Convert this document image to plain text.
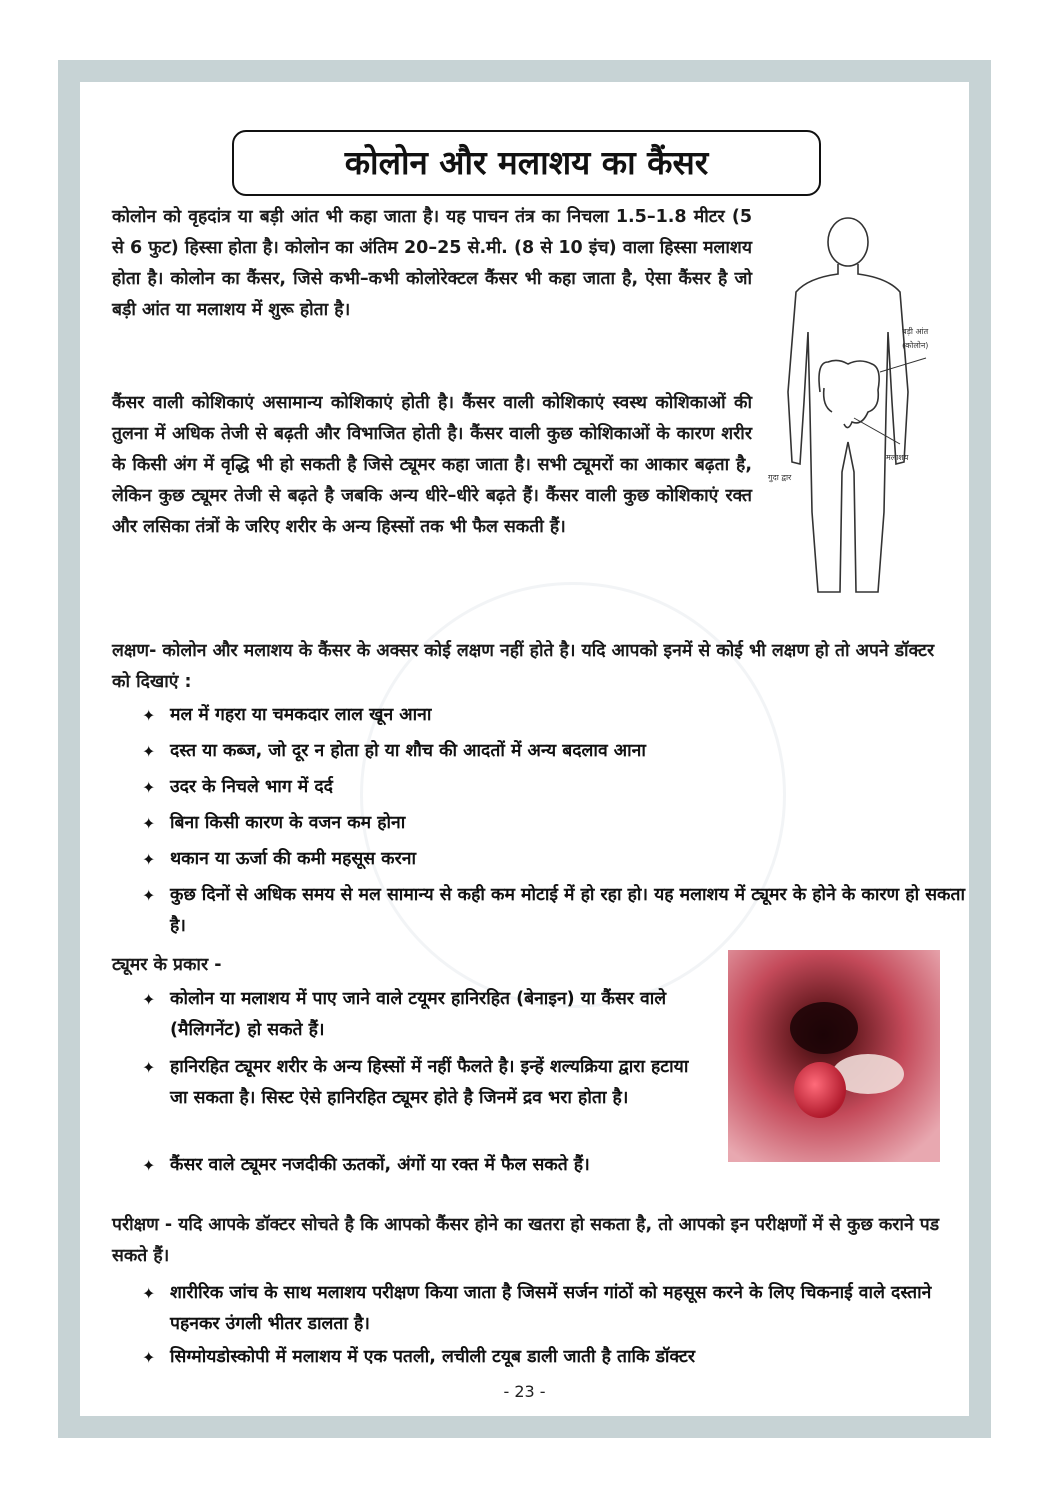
कोलोन और मलाशय का कैंसर
कोलोन को वृहदांत्र या बड़ी आंत भी कहा जाता है। यह पाचन तंत्र का निचला 1.5–1.8 मीटर (5 से 6 फुट) हिस्सा होता है। कोलोन का अंतिम 20–25 से.मी. (8 से 10 इंच) वाला हिस्सा मलाशय होता है। कोलोन का कैंसर, जिसे कभी–कभी कोलोरेक्टल कैंसर भी कहा जाता है, ऐसा कैंसर है जो बड़ी आंत या मलाशय में शुरू होता है।
कैंसर वाली कोशिकाएं असामान्य कोशिकाएं होती है। कैंसर वाली कोशिकाएं स्वस्थ कोशिकाओं की तुलना में अधिक तेजी से बढ़ती और विभाजित होती है। कैंसर वाली कुछ कोशिकाओं के कारण शरीर के किसी अंग में वृद्धि भी हो सकती है जिसे ट्यूमर कहा जाता है। सभी ट्यूमरों का आकार बढ़ता है, लेकिन कुछ ट्यूमर तेजी से बढ़ते है जबकि अन्य धीरे–धीरे बढ़ते हैं। कैंसर वाली कुछ कोशिकाएं रक्त और लसिका तंत्रों के जरिए शरीर के अन्य हिस्सों तक भी फैल सकती हैं।
बड़ी आंत
(कोलोन)
मलाशय
गुदा द्वार
लक्षण- कोलोन और मलाशय के कैंसर के अक्सर कोई लक्षण नहीं होते है। यदि आपको इनमें से कोई भी लक्षण हो तो अपने डॉक्टर को दिखाएं :
✦ मल में गहरा या चमकदार लाल खून आना
✦ दस्त या कब्ज, जो दूर न होता हो या शौच की आदतों में अन्य बदलाव आना
✦ उदर के निचले भाग में दर्द
✦ बिना किसी कारण के वजन कम होना
✦ थकान या ऊर्जा की कमी महसूस करना
✦ कुछ दिनों से अधिक समय से मल सामान्य से कही कम मोटाई में हो रहा हो। यह मलाशय में ट्यूमर के होने के कारण हो सकता है।
ट्यूमर के प्रकार -
✦ कोलोन या मलाशय में पाए जाने वाले टयूमर हानिरहित (बेनाइन) या कैंसर वाले (मैलिगनेंट) हो सकते हैं।
✦ हानिरहित ट्यूमर शरीर के अन्य हिस्सों में नहीं फैलते है। इन्हें शल्यक्रिया द्वारा हटाया जा सकता है। सिस्ट ऐसे हानिरहित ट्यूमर होते है जिनमें द्रव भरा होता है।
✦ कैंसर वाले ट्यूमर नजदीकी ऊतकों, अंगों या रक्त में फैल सकते हैं।
परीक्षण - यदि आपके डॉक्टर सोचते है कि आपको कैंसर होने का खतरा हो सकता है, तो आपको इन परीक्षणों में से कुछ कराने पड सकते हैं।
✦ शारीरिक जांच के साथ मलाशय परीक्षण किया जाता है जिसमें सर्जन गांठों को महसूस करने के लिए चिकनाई वाले दस्ताने पहनकर उंगली भीतर डालता है।
✦ सिग्मोयडोस्कोपी में मलाशय में एक पतली, लचीली टयूब डाली जाती है ताकि डॉक्टर
- 23 -
